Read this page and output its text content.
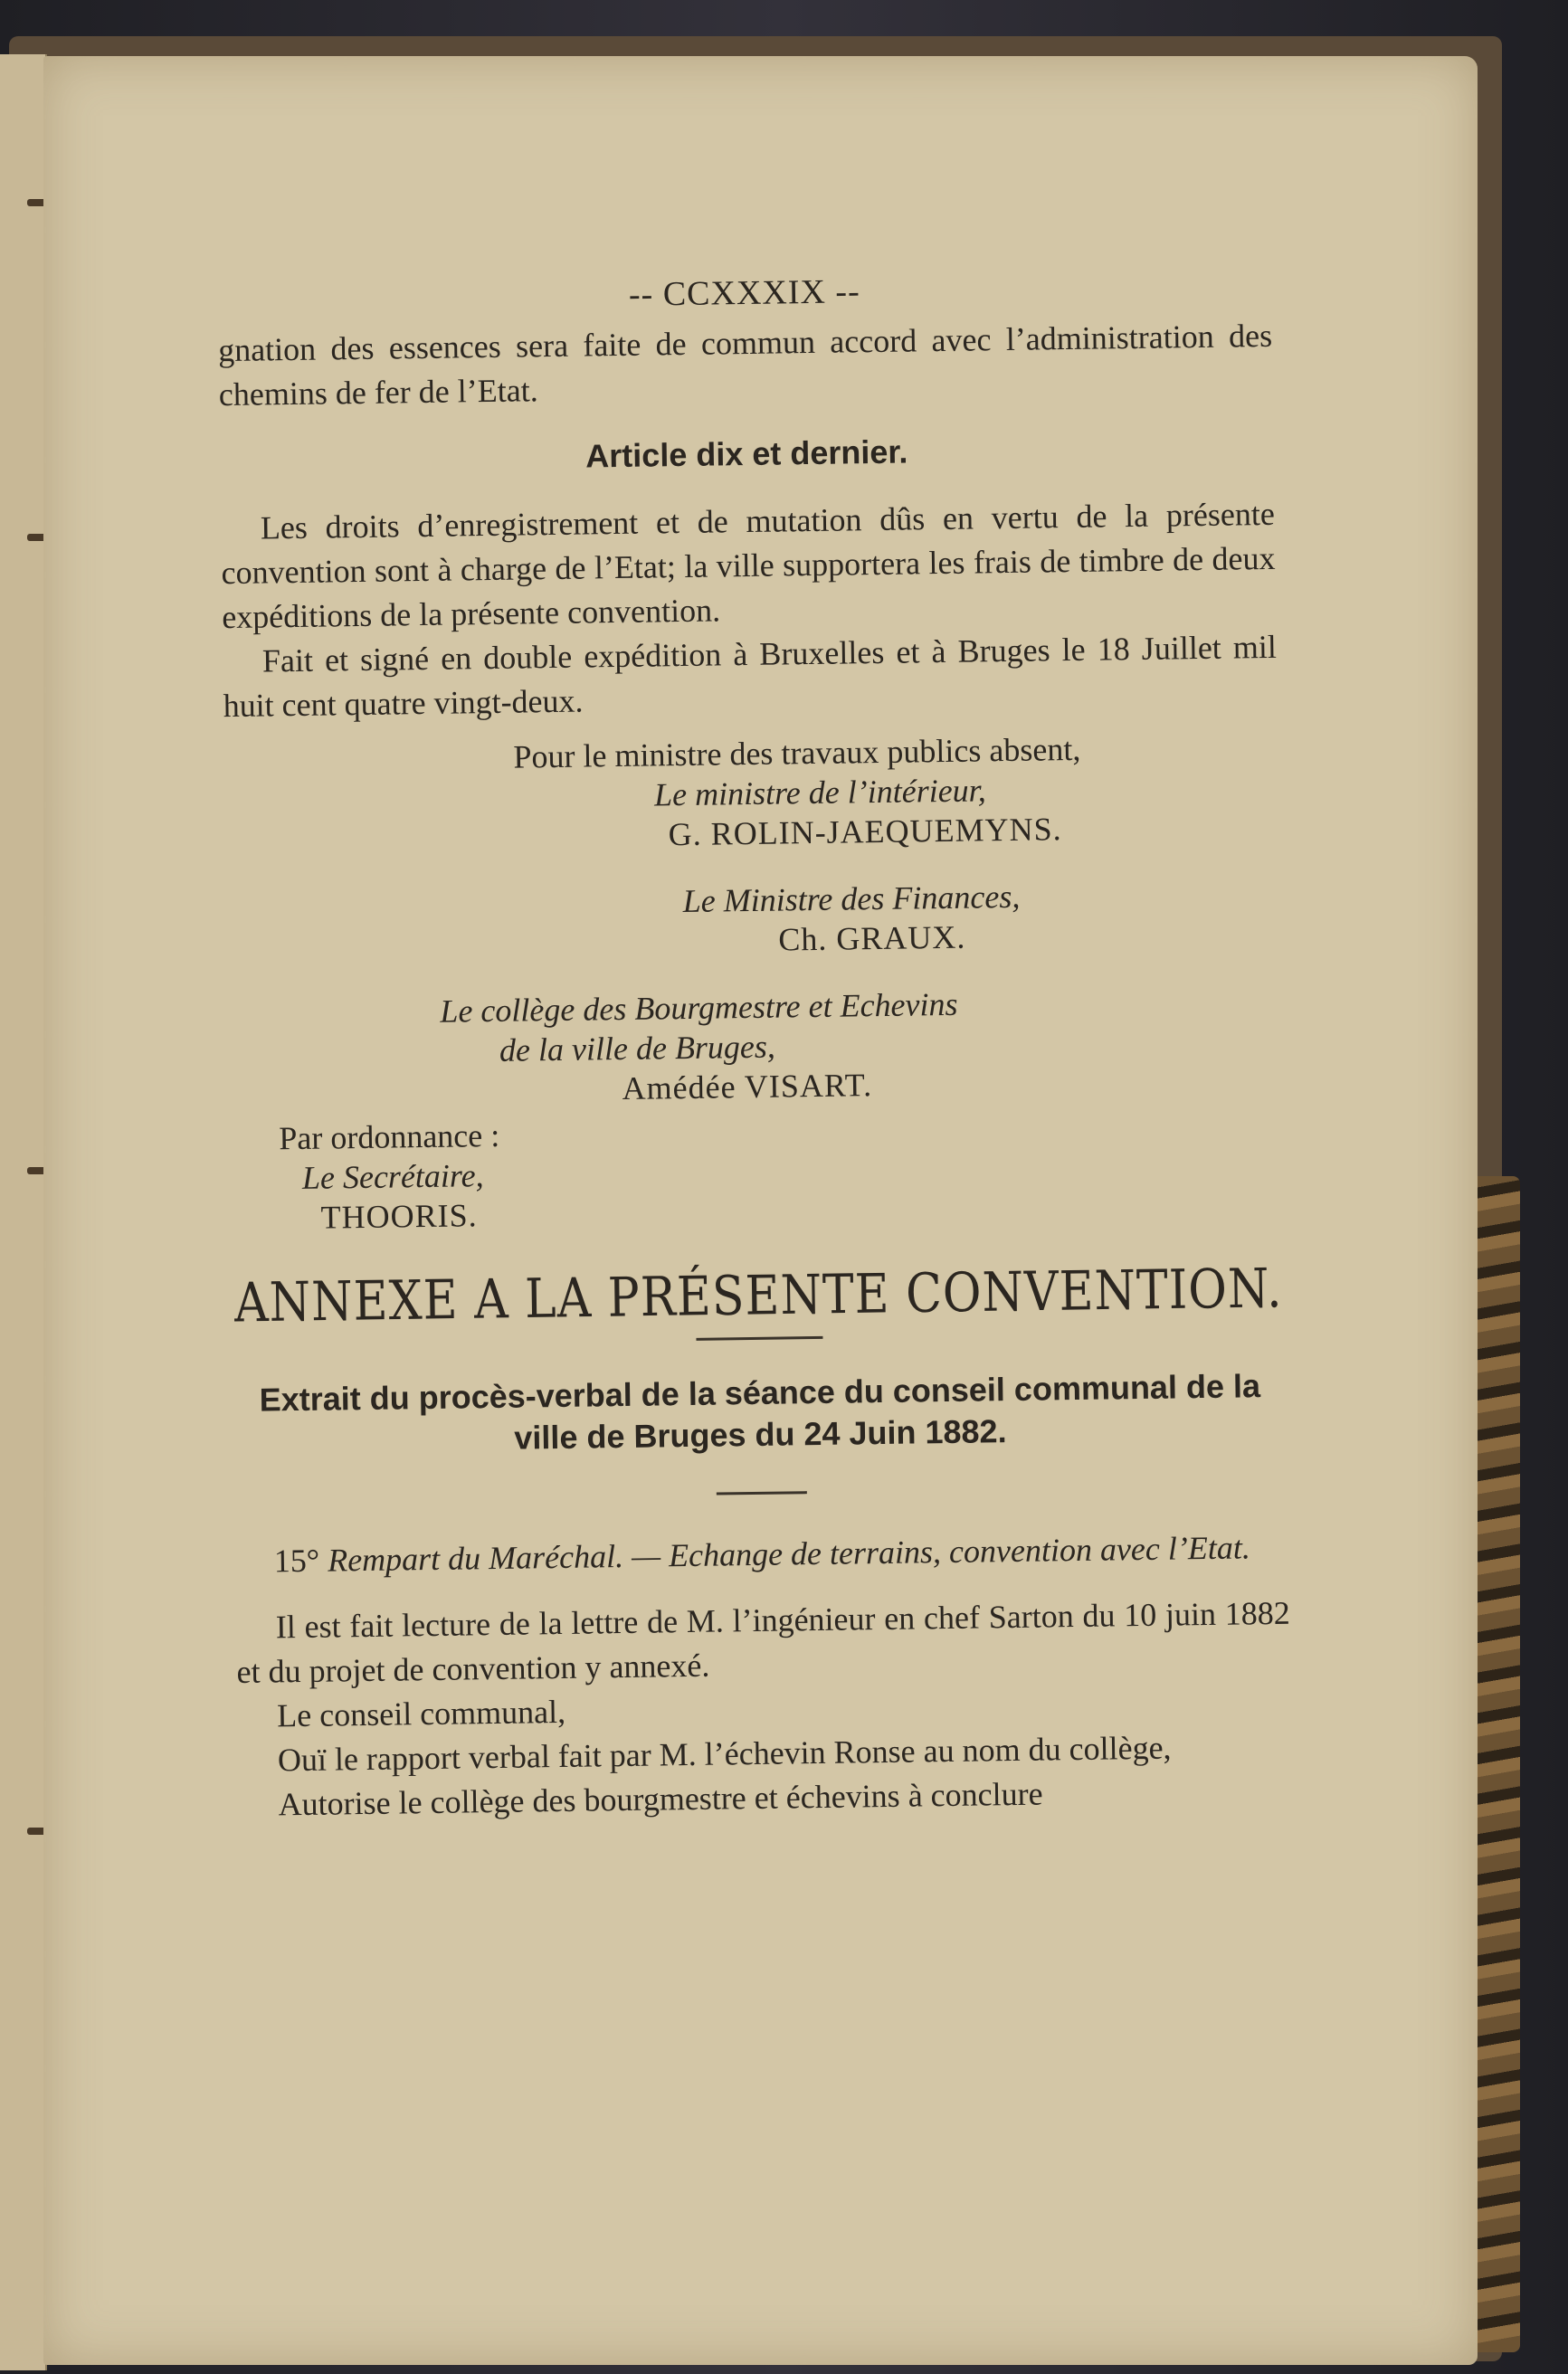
-- CCXXXIX --

gnation des essences sera faite de commun accord avec l’administration des chemins de fer de l’Etat.

Article dix et dernier.

Les droits d’enregistrement et de mutation dûs en vertu de la présente convention sont à charge de l’Etat; la ville supportera les frais de timbre de deux expéditions de la présente convention.

Fait et signé en double expédition à Bruxelles et à Bruges le 18 Juillet mil huit cent quatre vingt-deux.

Pour le ministre des travaux publics absent,

Le ministre de l’intérieur,

G. ROLIN-JAEQUEMYNS.

Le Ministre des Finances,

Ch. GRAUX.

Le collège des Bourgmestre et Echevins

de la ville de Bruges,

Amédée VISART.

Par ordonnance :

Le Secrétaire,

THOORIS.

ANNEXE A LA PRÉSENTE CONVENTION.
Extrait du procès-verbal de la séance du conseil communal de la ville de Bruges du 24 Juin 1882.
15° Rempart du Maréchal. — Echange de terrains, convention avec l’Etat.

Il est fait lecture de la lettre de M. l’ingénieur en chef Sarton du 10 juin 1882 et du projet de convention y annexé.

Le conseil communal,

Ouï le rapport verbal fait par M. l’échevin Ronse au nom du collège,

Autorise le collège des bourgmestre et échevins à conclure
